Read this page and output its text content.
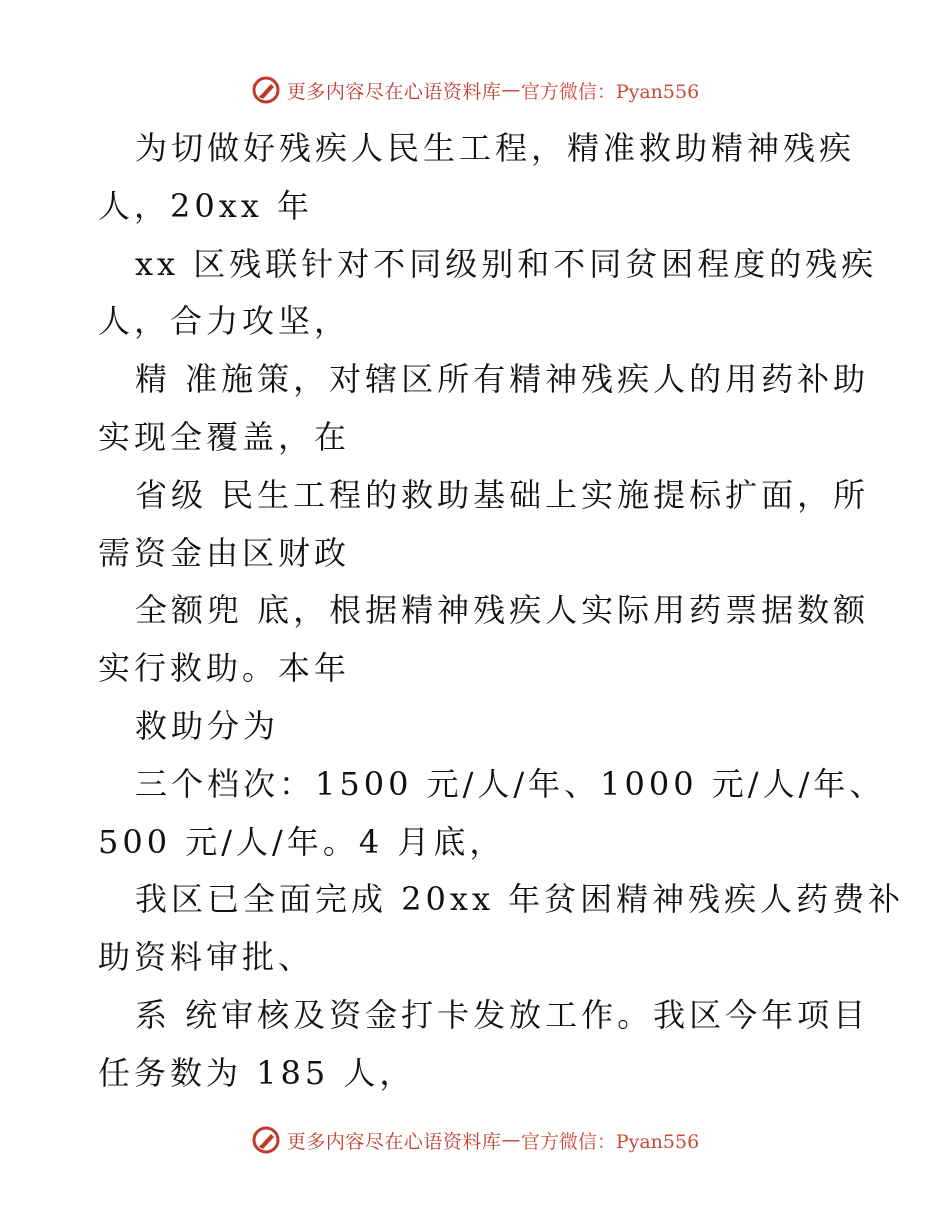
更多内容尽在心语资料库 — 官方微信：Pyan556
为切做好残疾人民生工程，精准救助精神残疾
人，20xx 年
xx 区残联针对不同级别和不同贫困程度的残疾
人，合力攻坚，
精 准施策，对辖区所有精神残疾人的用药补助
实现全覆盖，在
省级 民生工程的救助基础上实施提标扩面，所
需资金由区财政
全额兜 底，根据精神残疾人实际用药票据数额
实行救助。本年
救助分为
三个档次：1500 元/人/年、1000 元/人/年、
500 元/人/年。4 月底，
我区已全面完成 20xx 年贫困精神残疾人药费补
助资料审批、
系 统审核及资金打卡发放工作。我区今年项目
任务数为 185 人，
更多内容尽在心语资料库 — 官方微信：Pyan556
